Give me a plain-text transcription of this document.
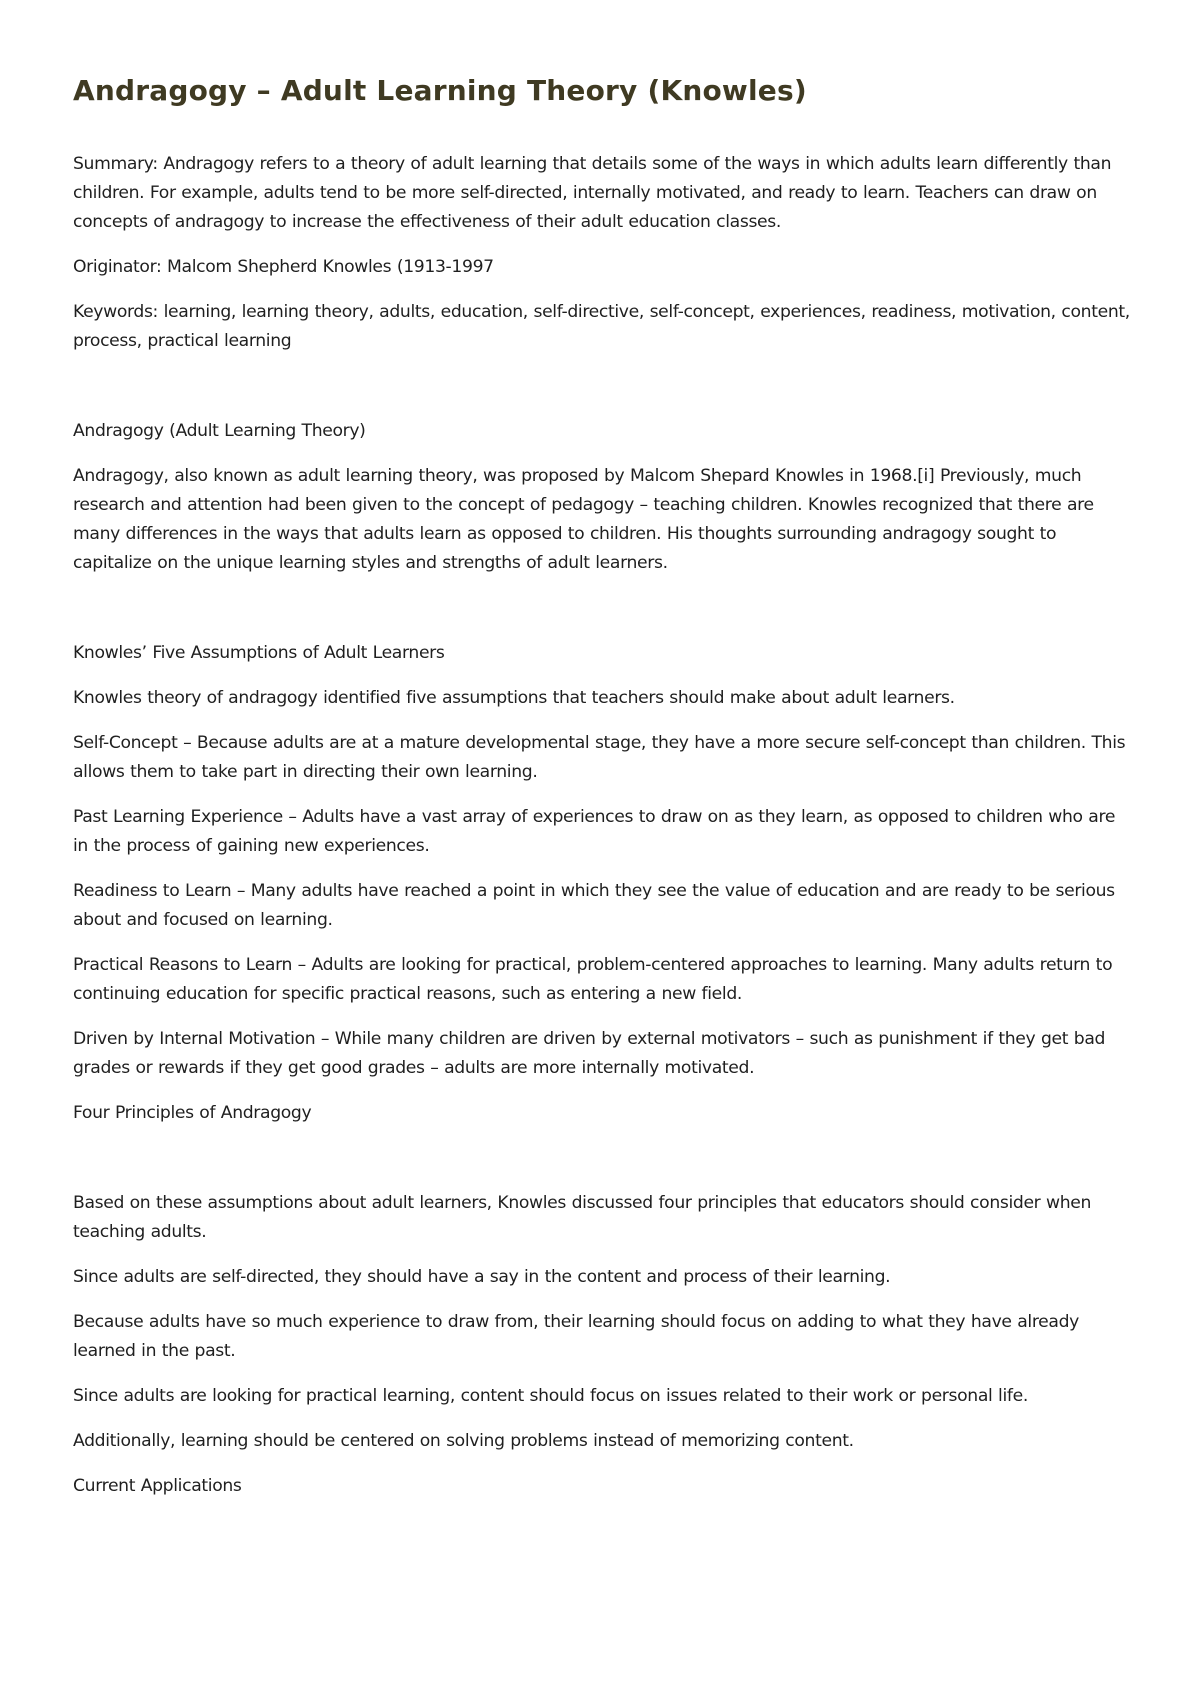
Andragogy – Adult Learning Theory (Knowles)

Summary: Andragogy refers to a theory of adult learning that details some of the ways in which adults learn differently than children. For example, adults tend to be more self-directed, internally motivated, and ready to learn. Teachers can draw on concepts of andragogy to increase the effectiveness of their adult education classes.

Originator: Malcom Shepherd Knowles (1913-1997

Keywords: learning, learning theory, adults, education, self-directive, self-concept, experiences, readiness, motivation, content, process, practical learning

Andragogy (Adult Learning Theory)

Andragogy, also known as adult learning theory, was proposed by Malcom Shepard Knowles in 1968.[i] Previously, much research and attention had been given to the concept of pedagogy – teaching children. Knowles recognized that there are many differences in the ways that adults learn as opposed to children. His thoughts surrounding andragogy sought to capitalize on the unique learning styles and strengths of adult learners.

Knowles’ Five Assumptions of Adult Learners

Knowles theory of andragogy identified five assumptions that teachers should make about adult learners.

Self-Concept – Because adults are at a mature developmental stage, they have a more secure self-concept than children. This allows them to take part in directing their own learning.

Past Learning Experience – Adults have a vast array of experiences to draw on as they learn, as opposed to children who are in the process of gaining new experiences.

Readiness to Learn – Many adults have reached a point in which they see the value of education and are ready to be serious about and focused on learning.

Practical Reasons to Learn – Adults are looking for practical, problem-centered approaches to learning. Many adults return to continuing education for specific practical reasons, such as entering a new field.

Driven by Internal Motivation – While many children are driven by external motivators – such as punishment if they get bad grades or rewards if they get good grades – adults are more internally motivated.

Four Principles of Andragogy

Based on these assumptions about adult learners, Knowles discussed four principles that educators should consider when teaching adults.

Since adults are self-directed, they should have a say in the content and process of their learning.

Because adults have so much experience to draw from, their learning should focus on adding to what they have already learned in the past.

Since adults are looking for practical learning, content should focus on issues related to their work or personal life.

Additionally, learning should be centered on solving problems instead of memorizing content.

Current Applications
